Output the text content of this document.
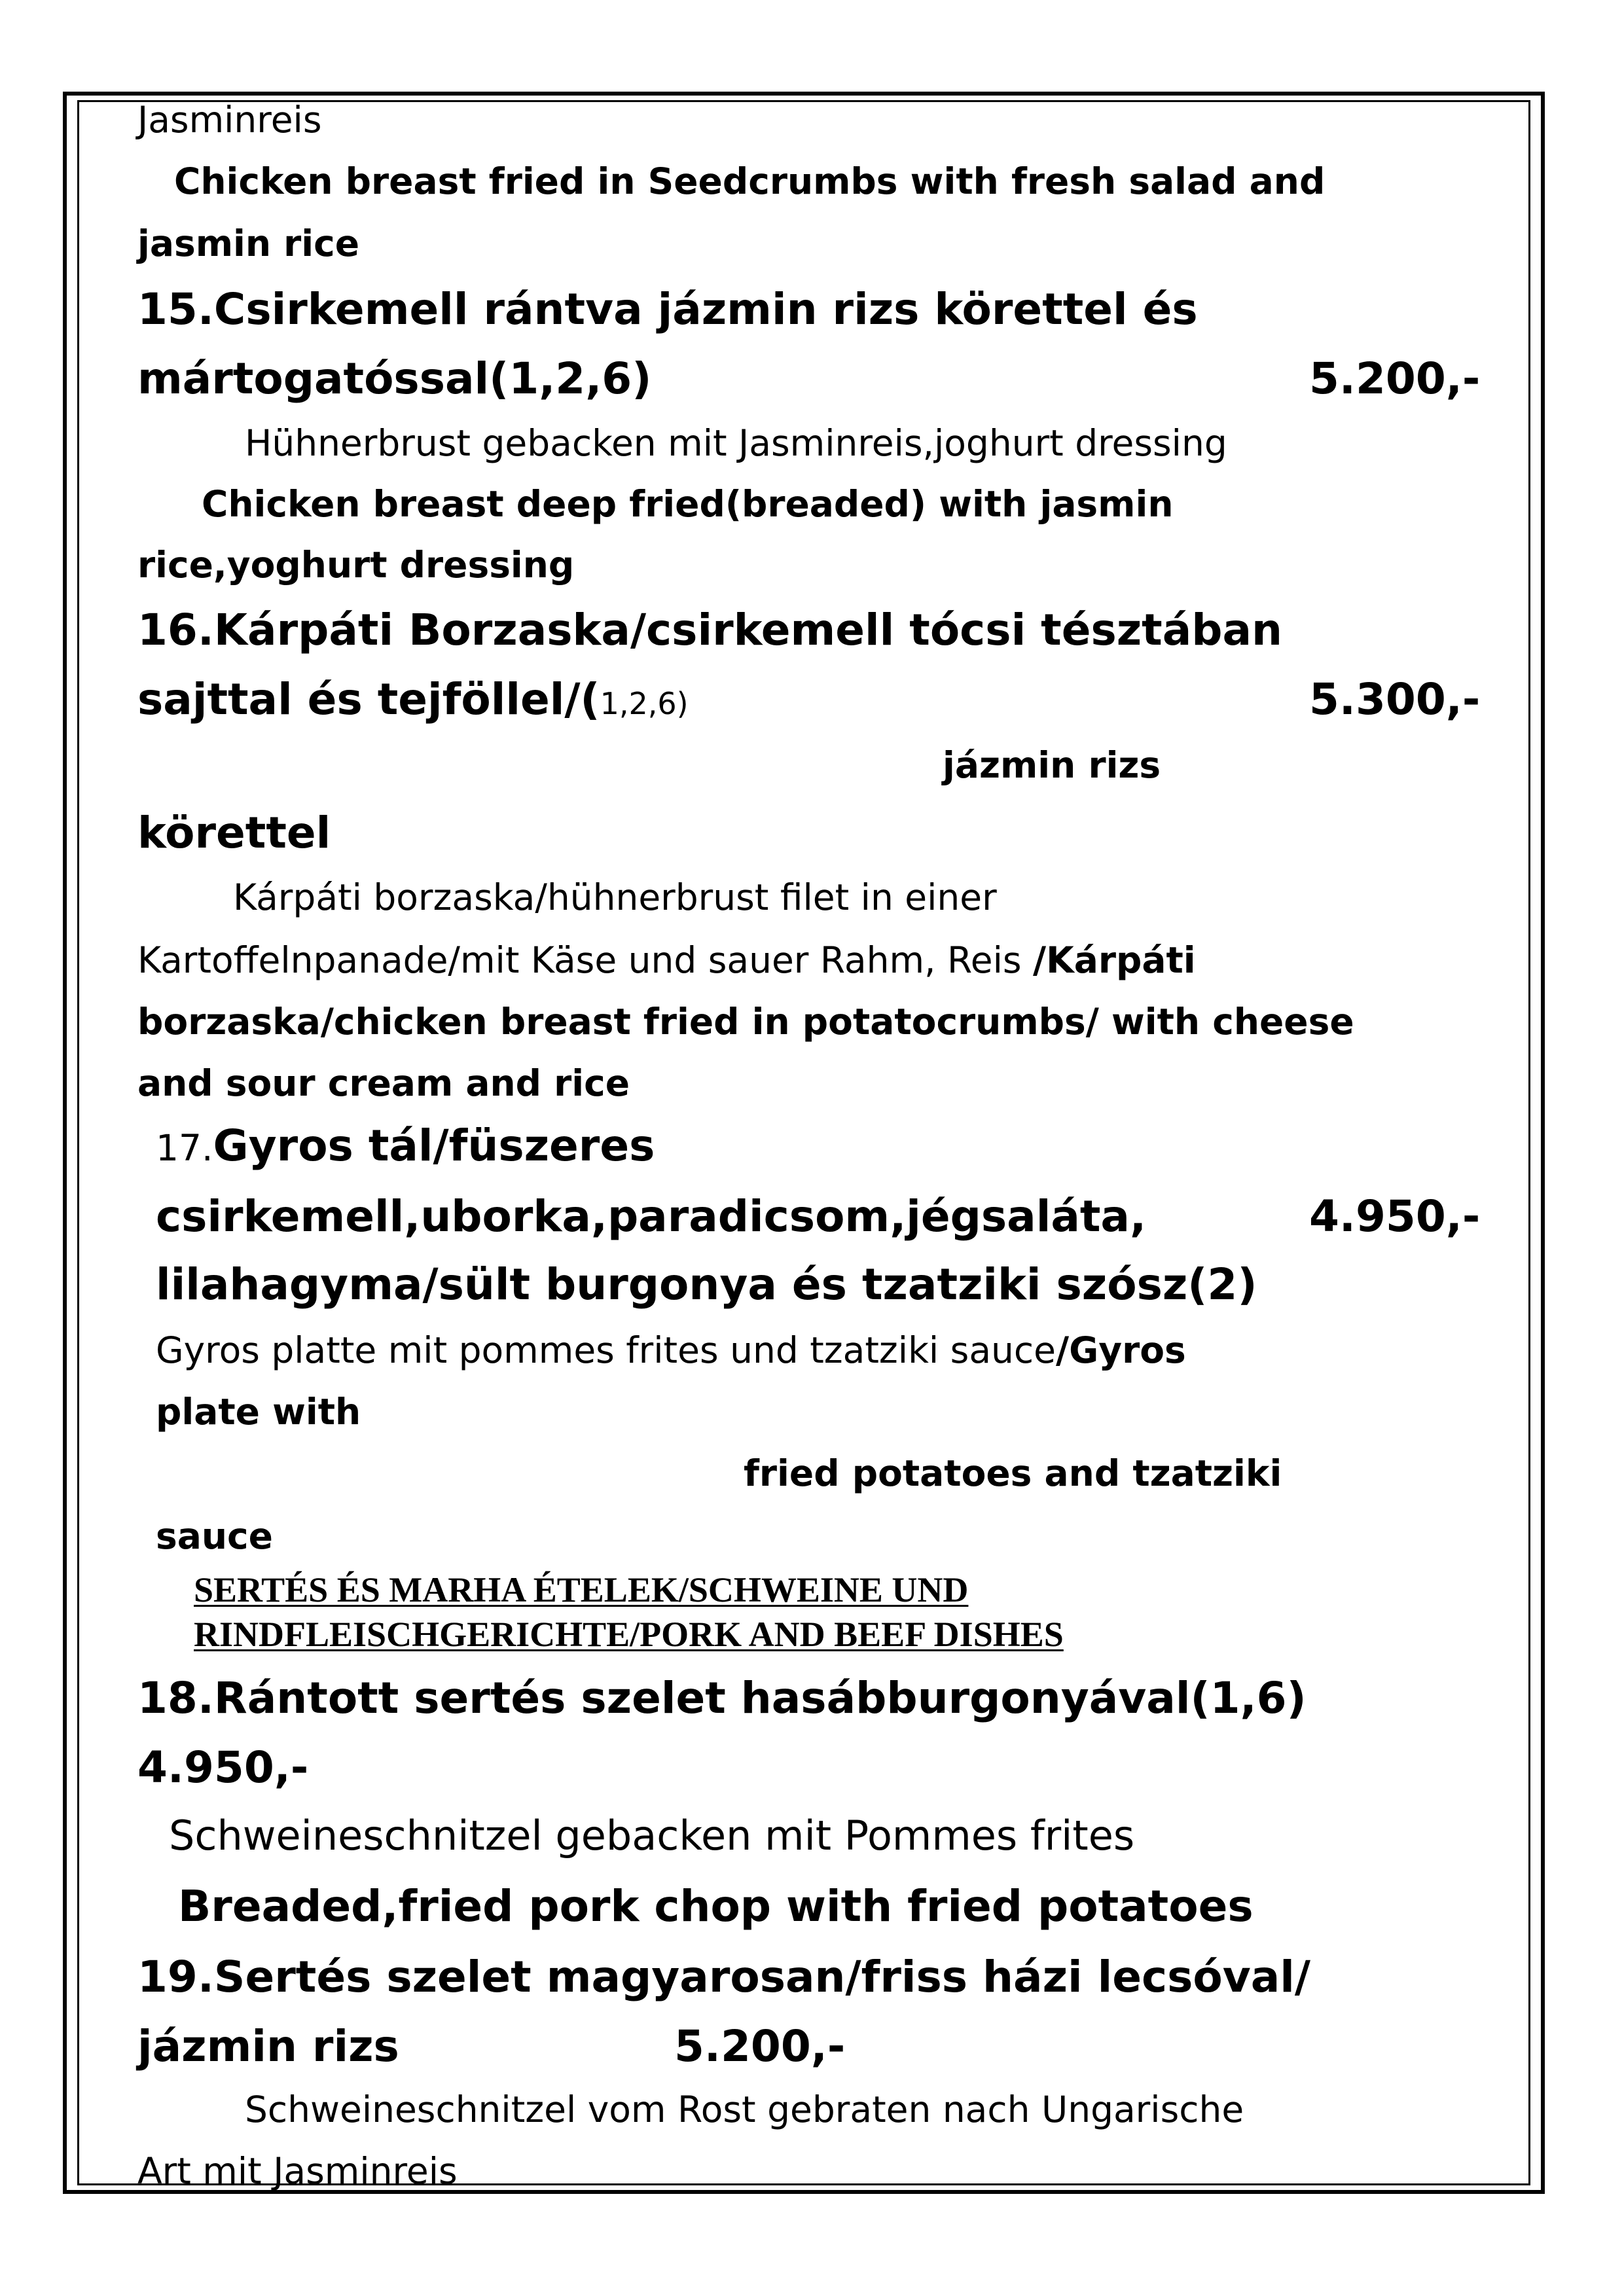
Jasminreis
Chicken breast fried in Seedcrumbs with fresh salad and
jasmin rice
15.Csirkemell rántva jázmin rizs körettel és
mártogatóssal(1,2,6)	5.200,-
Hühnerbrust gebacken mit Jasminreis,joghurt dressing
Chicken breast deep fried(breaded) with jasmin
rice,yoghurt dressing
16.Kárpáti Borzaska/csirkemell tócsi tésztában
sajttal és tejföllel/(1,2,6)	5.300,-
jázmin rizs
körettel
Kárpáti borzaska/hühnerbrust filet in einer
Kartoffelnpanade/mit Käse und sauer Rahm, Reis /Kárpáti
borzaska/chicken breast fried in potatocrumbs/ with cheese
and sour cream and rice
17.Gyros tál/füszeres
csirkemell,uborka,paradicsom,jégsaláta,	4.950,-
lilahagyma/sült burgonya és tzatziki szósz(2)
Gyros platte mit pommes frites und tzatziki sauce/Gyros
plate with
fried potatoes and tzatziki
sauce
SERTÉS ÉS MARHA ÉTELEK/SCHWEINE UND
RINDFLEISCHGERICHTE/PORK AND BEEF DISHES
18.Rántott sertés szelet hasábburgonyával(1,6)
4.950,-
Schweineschnitzel gebacken mit Pommes frites
Breaded,fried pork chop with fried potatoes
19.Sertés szelet magyarosan/friss házi lecsóval/
jázmin rizs	5.200,-
Schweineschnitzel vom Rost gebraten nach Ungarische
Art mit Jasminreis
